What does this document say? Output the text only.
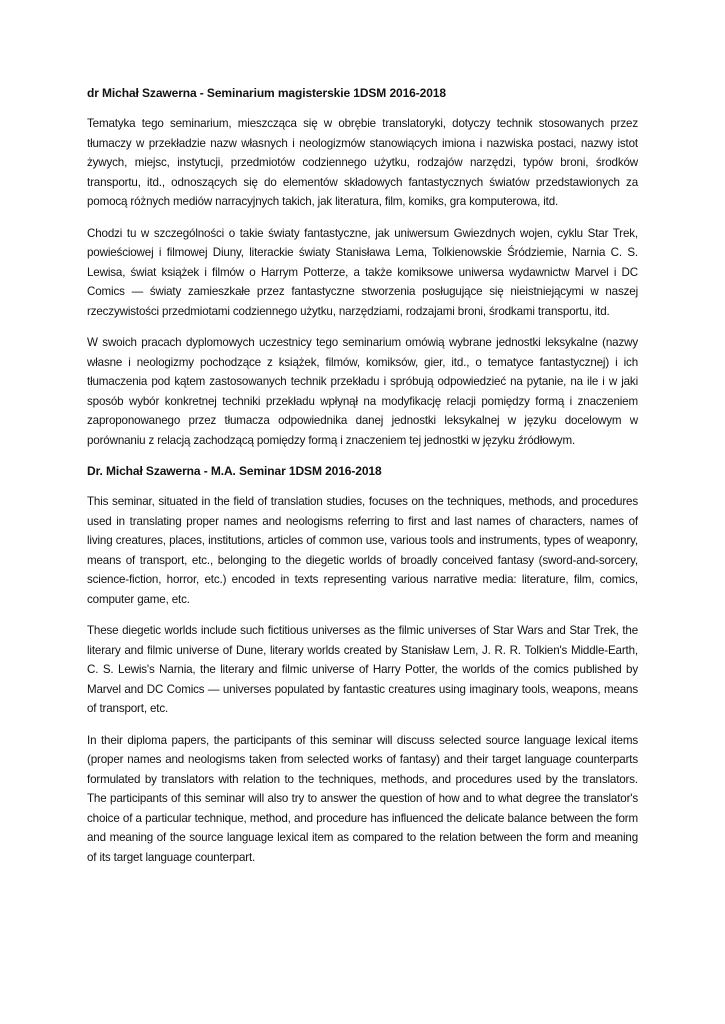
dr Michał Szawerna - Seminarium magisterskie 1DSM 2016-2018

Tematyka tego seminarium, mieszcząca się w obrębie translatoryki, dotyczy technik stosowanych przez tłumaczy w przekładzie nazw własnych i neologizmów stanowiących imiona i nazwiska postaci, nazwy istot żywych, miejsc, instytucji, przedmiotów codziennego użytku, rodzajów narzędzi, typów broni, środków transportu, itd., odnoszących się do elementów składowych fantastycznych światów przedstawionych za pomocą różnych mediów narracyjnych takich, jak literatura, film, komiks, gra komputerowa, itd.

Chodzi tu w szczególności o takie światy fantastyczne, jak uniwersum Gwiezdnych wojen, cyklu Star Trek, powieściowej i filmowej Diuny, literackie światy Stanisława Lema, Tolkienowskie Śródziemie, Narnia C. S. Lewisa, świat książek i filmów o Harrym Potterze, a także komiksowe uniwersa wydawnictw Marvel i DC Comics — światy zamieszkałe przez fantastyczne stworzenia posługujące się nieistniejącymi w naszej rzeczywistości przedmiotami codziennego użytku, narzędziami, rodzajami broni, środkami transportu, itd.

W swoich pracach dyplomowych uczestnicy tego seminarium omówią wybrane jednostki leksykalne (nazwy własne i neologizmy pochodzące z książek, filmów, komiksów, gier, itd., o tematyce fantastycznej) i ich tłumaczenia pod kątem zastosowanych technik przekładu i spróbują odpowiedzieć na pytanie, na ile i w jaki sposób wybór konkretnej techniki przekładu wpłynął na modyfikację relacji pomiędzy formą i znaczeniem zaproponowanego przez tłumacza odpowiednika danej jednostki leksykalnej w języku docelowym w porównaniu z relacją zachodzącą pomiędzy formą i znaczeniem tej jednostki w języku źródłowym.

Dr. Michał Szawerna - M.A. Seminar 1DSM 2016-2018

This seminar, situated in the field of translation studies, focuses on the techniques, methods, and procedures used in translating proper names and neologisms referring to first and last names of characters, names of living creatures, places, institutions, articles of common use, various tools and instruments, types of weaponry, means of transport, etc., belonging to the diegetic worlds of broadly conceived fantasy (sword-and-sorcery, science-fiction, horror, etc.) encoded in texts representing various narrative media: literature, film, comics, computer game, etc.

These diegetic worlds include such fictitious universes as the filmic universes of Star Wars and Star Trek, the literary and filmic universe of Dune, literary worlds created by Stanisław Lem, J. R. R. Tolkien's Middle-Earth, C. S. Lewis's Narnia, the literary and filmic universe of Harry Potter, the worlds of the comics published by Marvel and DC Comics — universes populated by fantastic creatures using imaginary tools, weapons, means of transport, etc.

In their diploma papers, the participants of this seminar will discuss selected source language lexical items (proper names and neologisms taken from selected works of fantasy) and their target language counterparts formulated by translators with relation to the techniques, methods, and procedures used by the translators. The participants of this seminar will also try to answer the question of how and to what degree the translator's choice of a particular technique, method, and procedure has influenced the delicate balance between the form and meaning of the source language lexical item as compared to the relation between the form and meaning of its target language counterpart.
